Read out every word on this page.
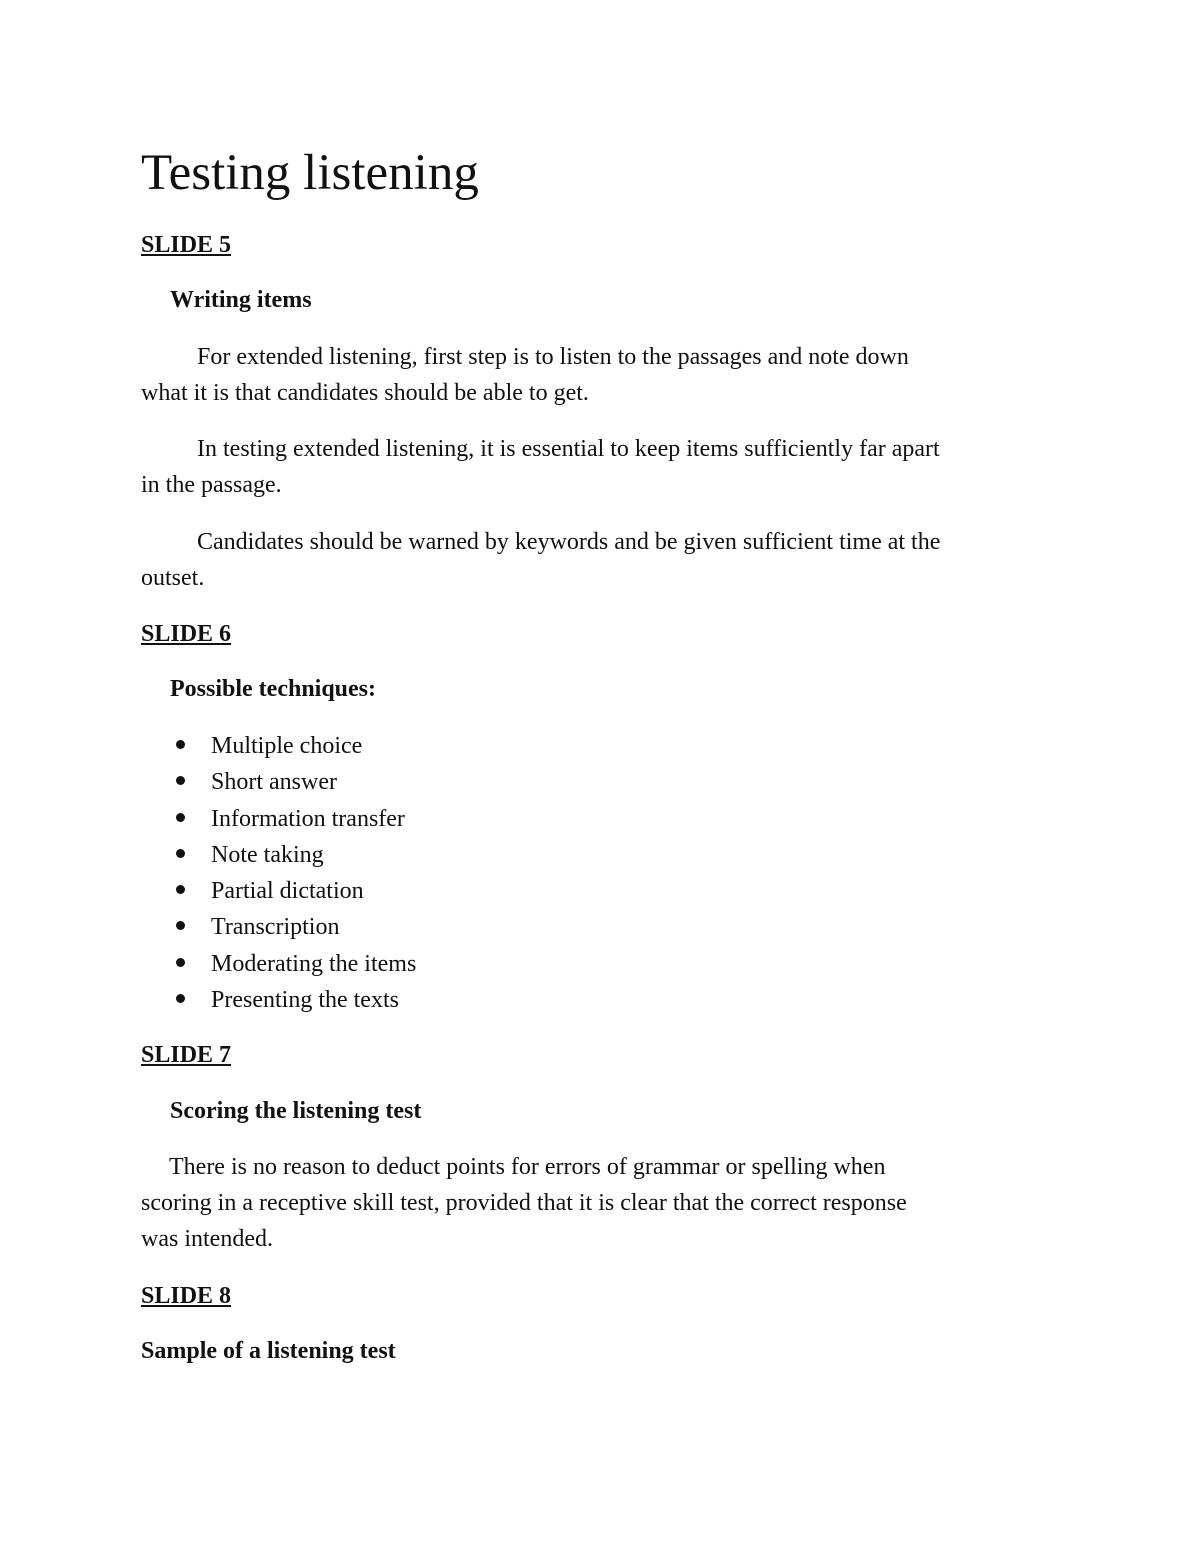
Testing listening
SLIDE 5
Writing items

For extended listening, first step is to listen to the passages and note down
what it is that candidates should be able to get.

In testing extended listening, it is essential to keep items sufficiently far apart
in the passage.

Candidates should be warned by keywords and be given sufficient time at the
outset.

SLIDE 6
Possible techniques:
Multiple choice
Short answer
Information transfer
Note taking
Partial dictation
Transcription
Moderating the items
Presenting the texts
SLIDE 7
Scoring the listening test

There is no reason to deduct points for errors of grammar or spelling when
scoring in a receptive skill test, provided that it is clear that the correct response
was intended.

SLIDE 8
Sample of a listening test
